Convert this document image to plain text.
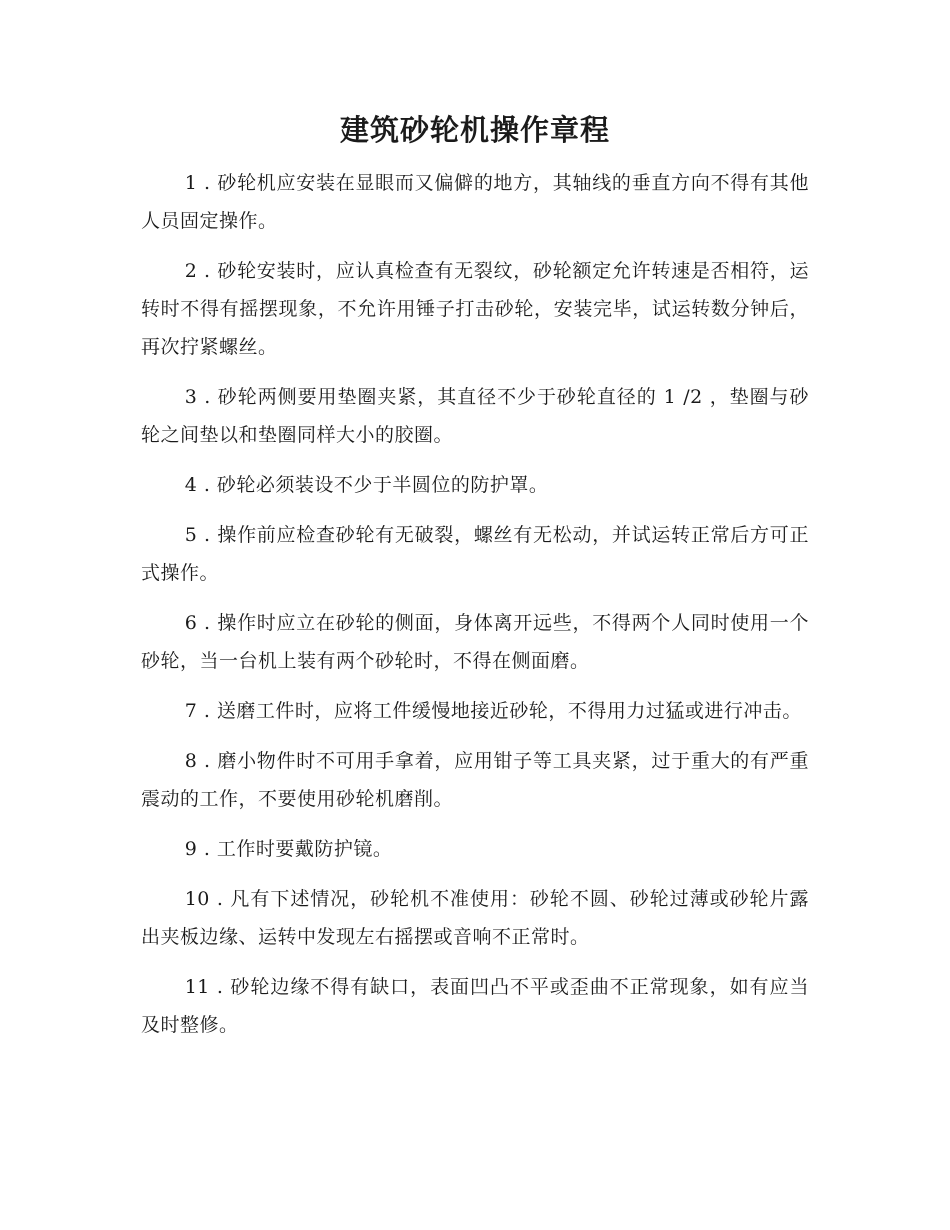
建筑砂轮机操作章程

1 . 砂轮机应安装在显眼而又偏僻的地方，其轴线的垂直方向不得有其他人员固定操作。

2 . 砂轮安装时，应认真检查有无裂纹，砂轮额定允许转速是否相符，运转时不得有摇摆现象，不允许用锤子打击砂轮，安装完毕，试运转数分钟后，再次拧紧螺丝。

3 . 砂轮两侧要用垫圈夹紧，其直径不少于砂轮直径的 1 /2 ，垫圈与砂轮之间垫以和垫圈同样大小的胶圈。

4 . 砂轮必须装设不少于半圆位的防护罩。

5 . 操作前应检查砂轮有无破裂，螺丝有无松动，并试运转正常后方可正式操作。

6 . 操作时应立在砂轮的侧面，身体离开远些，不得两个人同时使用一个砂轮，当一台机上装有两个砂轮时，不得在侧面磨。

7 . 送磨工件时，应将工件缓慢地接近砂轮，不得用力过猛或进行冲击。

8 . 磨小物件时不可用手拿着，应用钳子等工具夹紧，过于重大的有严重震动的工作，不要使用砂轮机磨削。

9 . 工作时要戴防护镜。

10 . 凡有下述情况，砂轮机不准使用：砂轮不圆、砂轮过薄或砂轮片露出夹板边缘、运转中发现左右摇摆或音响不正常时。

11 . 砂轮边缘不得有缺口，表面凹凸不平或歪曲不正常现象，如有应当及时整修。
